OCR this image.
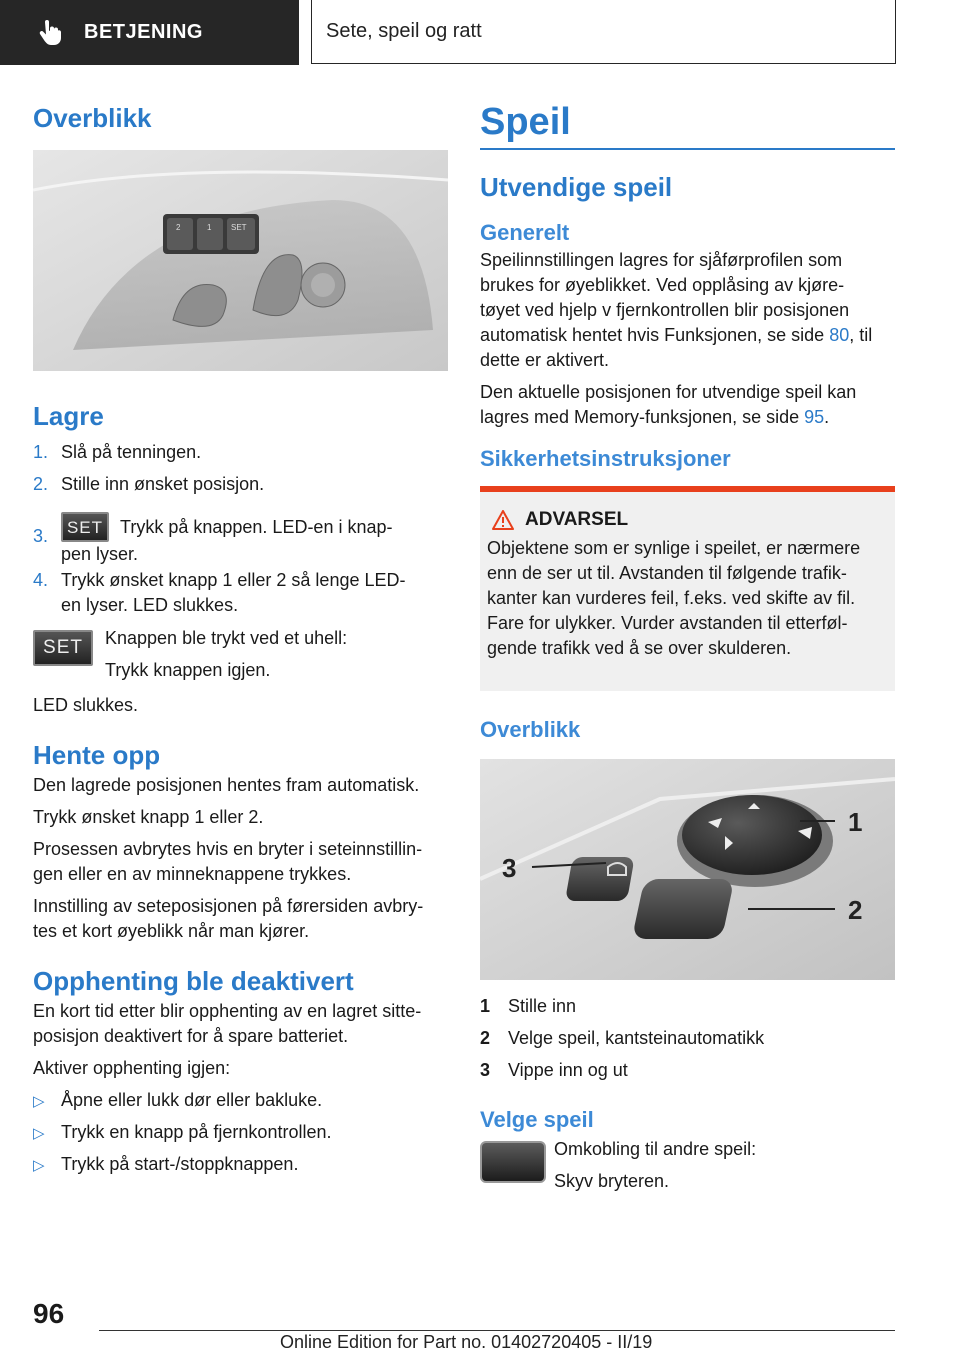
BETJENING	Sete, speil og ratt
Overblikk
2	1 SET
Lagre
1. Slå på tenningen.
2. Stille inn ønsket posisjon.
3. SET Trykk på knappen. LED-en i knap‐
pen lyser.
4. Trykk ønsket knapp 1 eller 2 så lenge LED-
en lyser. LED slukkes.
SET Knappen ble trykt ved et uhell:

Trykk knappen igjen.

LED slukkes.

Hente opp

Den lagrede posisjonen hentes fram automatisk.

Trykk ønsket knapp 1 eller 2.

Prosessen avbrytes hvis en bryter i seteinnstillin‐

gen eller en av minneknappene trykkes.

Innstilling av seteposisjonen på førersiden avbry‐

tes et kort øyeblikk når man kjører.

Opphenting ble deaktivert

En kort tid etter blir opphenting av en lagret sitte‐

posisjon deaktivert for å spare batteriet.

Aktiver opphenting igjen:

▷ Åpne eller lukk dør eller bakluke.
▷ Trykk en knapp på fjernkontrollen.
▷ Trykk på start-/stoppknappen.
Speil
Utvendige speil
Generelt

Speilinnstillingen lagres for sjåførprofilen som

brukes for øyeblikket. Ved opplåsing av kjøre‐

tøyet ved hjelp v fjernkontrollen blir posisjonen

automatisk hentet hvis Funksjonen, se side 80, til

dette er aktivert.

Den aktuelle posisjonen for utvendige speil kan

lagres med Memory-funksjonen, se side 95.

Sikkerhetsinstruksjoner
ADVARSEL

Objektene som er synlige i speilet, er nærmere

enn de ser ut til. Avstanden til følgende trafik‐

kanter kan vurderes feil, f.eks. ved skifte av fil.

Fare for ulykker. Vurder avstanden til etterføl‐

gende trafikk ved å se over skulderen.

Overblikk
1
2
3
1 Stille inn
2 Velge speil, kantsteinautomatikk
3 Vippe inn og ut
Velge speil

Omkobling til andre speil:

Skyv bryteren.

96
Online Edition for Part no. 01402720405 - II/19
